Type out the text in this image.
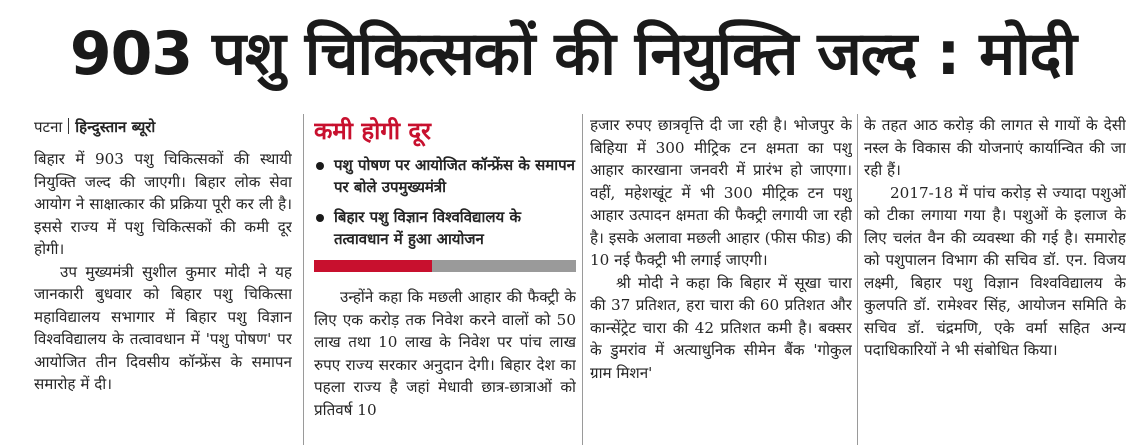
903 पशु चिकित्सकों की नियुक्ति जल्द : मोदी
पटना हिन्दुस्तान ब्यूरो

बिहार में 903 पशु चिकित्सकों की स्थायी नियुक्ति जल्द की जाएगी। बिहार लोक सेवा आयोग ने साक्षात्कार की प्रक्रिया पूरी कर ली है। इससे राज्य में पशु चिकित्सकों की कमी दूर होगी।

उप मुख्यमंत्री सुशील कुमार मोदी ने यह जानकारी बुधवार को बिहार पशु चिकित्सा महाविद्यालय सभागार में बिहार पशु विज्ञान विश्वविद्यालय के तत्वावधान में 'पशु पोषण' पर आयोजित तीन दिवसीय कॉन्फ्रेंस के समापन समारोह में दी।

कमी होगी दूर
पशु पोषण पर आयोजित कॉन्फ्रेंस के समापन पर बोले उपमुख्यमंत्री
बिहार पशु विज्ञान विश्वविद्यालय के तत्वावधान में हुआ आयोजन

उन्होंने कहा कि मछली आहार की फैक्ट्री के लिए एक करोड़ तक निवेश करने वालों को 50 लाख तथा 10 लाख के निवेश पर पांच लाख रुपए राज्य सरकार अनुदान देगी। बिहार देश का पहला राज्य है जहां मेधावी छात्र-छात्राओं को प्रतिवर्ष 10

हजार रुपए छात्रवृत्ति दी जा रही है। भोजपुर के बिहिया में 300 मीट्रिक टन क्षमता का पशु आहार कारखाना जनवरी में प्रारंभ हो जाएगा। वहीं, महेशखूंट में भी 300 मीट्रिक टन पशु आहार उत्पादन क्षमता की फैक्ट्री लगायी जा रही है। इसके अलावा मछली आहार (फीस फीड) की 10 नई फैक्ट्री भी लगाई जाएगी।

श्री मोदी ने कहा कि बिहार में सूखा चारा की 37 प्रतिशत, हरा चारा की 60 प्रतिशत और कान्सेंट्रेट चारा की 42 प्रतिशत कमी है। बक्सर के डुमरांव में अत्याधुनिक सीमेन बैंक 'गोकुल ग्राम मिशन'

के तहत आठ करोड़ की लागत से गायों के देसी नस्ल के विकास की योजनाएं कार्यान्वित की जा रही हैं।

2017-18 में पांच करोड़ से ज्यादा पशुओं को टीका लगाया गया है। पशुओं के इलाज के लिए चलंत वैन की व्यवस्था की गई है। समारोह को पशुपालन विभाग की सचिव डॉ. एन. विजय लक्ष्मी, बिहार पशु विज्ञान विश्वविद्यालय के कुलपति डॉ. रामेश्वर सिंह, आयोजन समिति के सचिव डॉ. चंद्रमणि, एके वर्मा सहित अन्य पदाधिकारियों ने भी संबोधित किया।
